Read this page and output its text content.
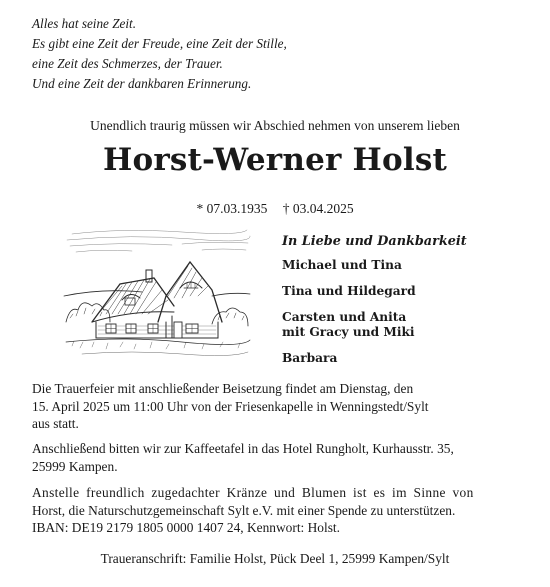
Alles hat seine Zeit.
Es gibt eine Zeit der Freude, eine Zeit der Stille,
eine Zeit des Schmerzes, der Trauer.
Und eine Zeit der dankbaren Erinnerung.
Unendlich traurig müssen wir Abschied nehmen von unserem lieben
Horst-Werner Holst
* 07.03.1935 † 03.04.2025
In Liebe und Dankbarkeit
Michael und Tina
Tina und Hildegard
Carsten und Anita
mit Gracy und Miki
Barbara
Die Trauerfeier mit anschließender Beisetzung findet am Dienstag, den
15. April 2025 um 11:00 Uhr von der Friesenkapelle in Wenningstedt/Sylt
aus statt.
Anschließend bitten wir zur Kaffeetafel in das Hotel Rungholt, Kurhausstr. 35,
25999 Kampen.
Anstelle freundlich zugedachter Kränze und Blumen ist es im Sinne von
Horst, die Naturschutzgemeinschaft Sylt e.V. mit einer Spende zu unterstützen.
IBAN: DE19 2179 1805 0000 1407 24, Kennwort: Holst.
Traueranschrift: Familie Holst, Pück Deel 1, 25999 Kampen/Sylt
